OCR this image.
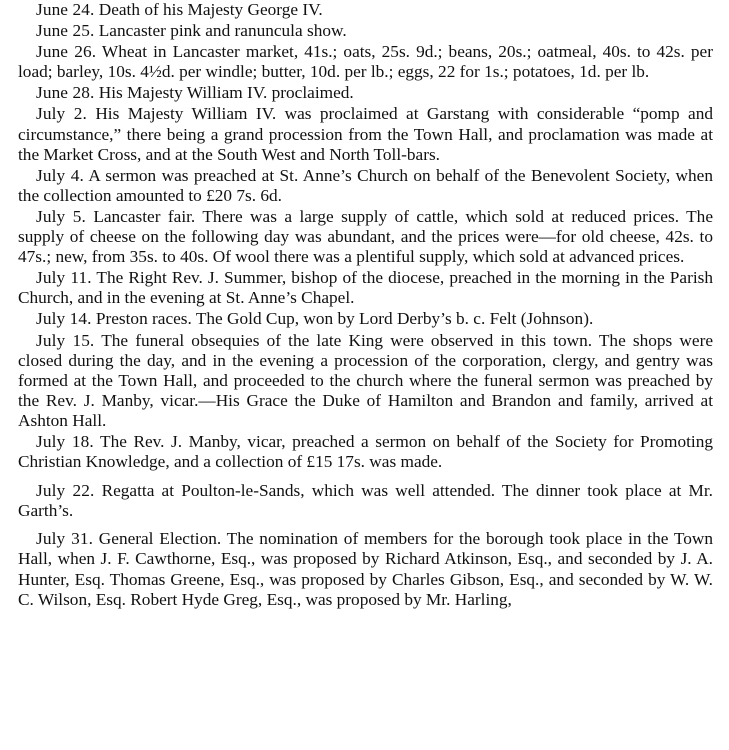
June 24. Death of his Majesty George IV.

June 25. Lancaster pink and ranuncula show.

June 26. Wheat in Lancaster market, 41s.; oats, 25s. 9d.; beans, 20s.; oatmeal, 40s. to 42s. per load; barley, 10s. 4½d. per windle; butter, 10d. per lb.; eggs, 22 for 1s.; potatoes, 1d. per lb.

June 28. His Majesty William IV. proclaimed.

July 2. His Majesty William IV. was proclaimed at Garstang with considerable “pomp and circumstance,” there being a grand procession from the Town Hall, and proclamation was made at the Market Cross, and at the South West and North Toll-bars.

July 4. A sermon was preached at St. Anne’s Church on behalf of the Benevolent Society, when the collection amounted to £20 7s. 6d.

July 5. Lancaster fair. There was a large supply of cattle, which sold at reduced prices. The supply of cheese on the following day was abundant, and the prices were—for old cheese, 42s. to 47s.; new, from 35s. to 40s. Of wool there was a plentiful supply, which sold at advanced prices.

July 11. The Right Rev. J. Summer, bishop of the diocese, preached in the morning in the Parish Church, and in the evening at St. Anne’s Chapel.

July 14. Preston races. The Gold Cup, won by Lord Derby’s b. c. Felt (Johnson).

July 15. The funeral obsequies of the late King were observed in this town. The shops were closed during the day, and in the evening a procession of the corporation, clergy, and gentry was formed at the Town Hall, and proceeded to the church where the funeral sermon was preached by the Rev. J. Manby, vicar.—His Grace the Duke of Hamilton and Brandon and family, arrived at Ashton Hall.

July 18. The Rev. J. Manby, vicar, preached a sermon on behalf of the Society for Promoting Christian Knowledge, and a collection of £15 17s. was made.

July 22. Regatta at Poulton-le-Sands, which was well attended. The dinner took place at Mr. Garth’s.

July 31. General Election. The nomination of members for the borough took place in the Town Hall, when J. F. Cawthorne, Esq., was proposed by Richard Atkinson, Esq., and seconded by J. A. Hunter, Esq. Thomas Greene, Esq., was proposed by Charles Gibson, Esq., and seconded by W. W. C. Wilson, Esq. Robert Hyde Greg, Esq., was proposed by Mr. Harling,
